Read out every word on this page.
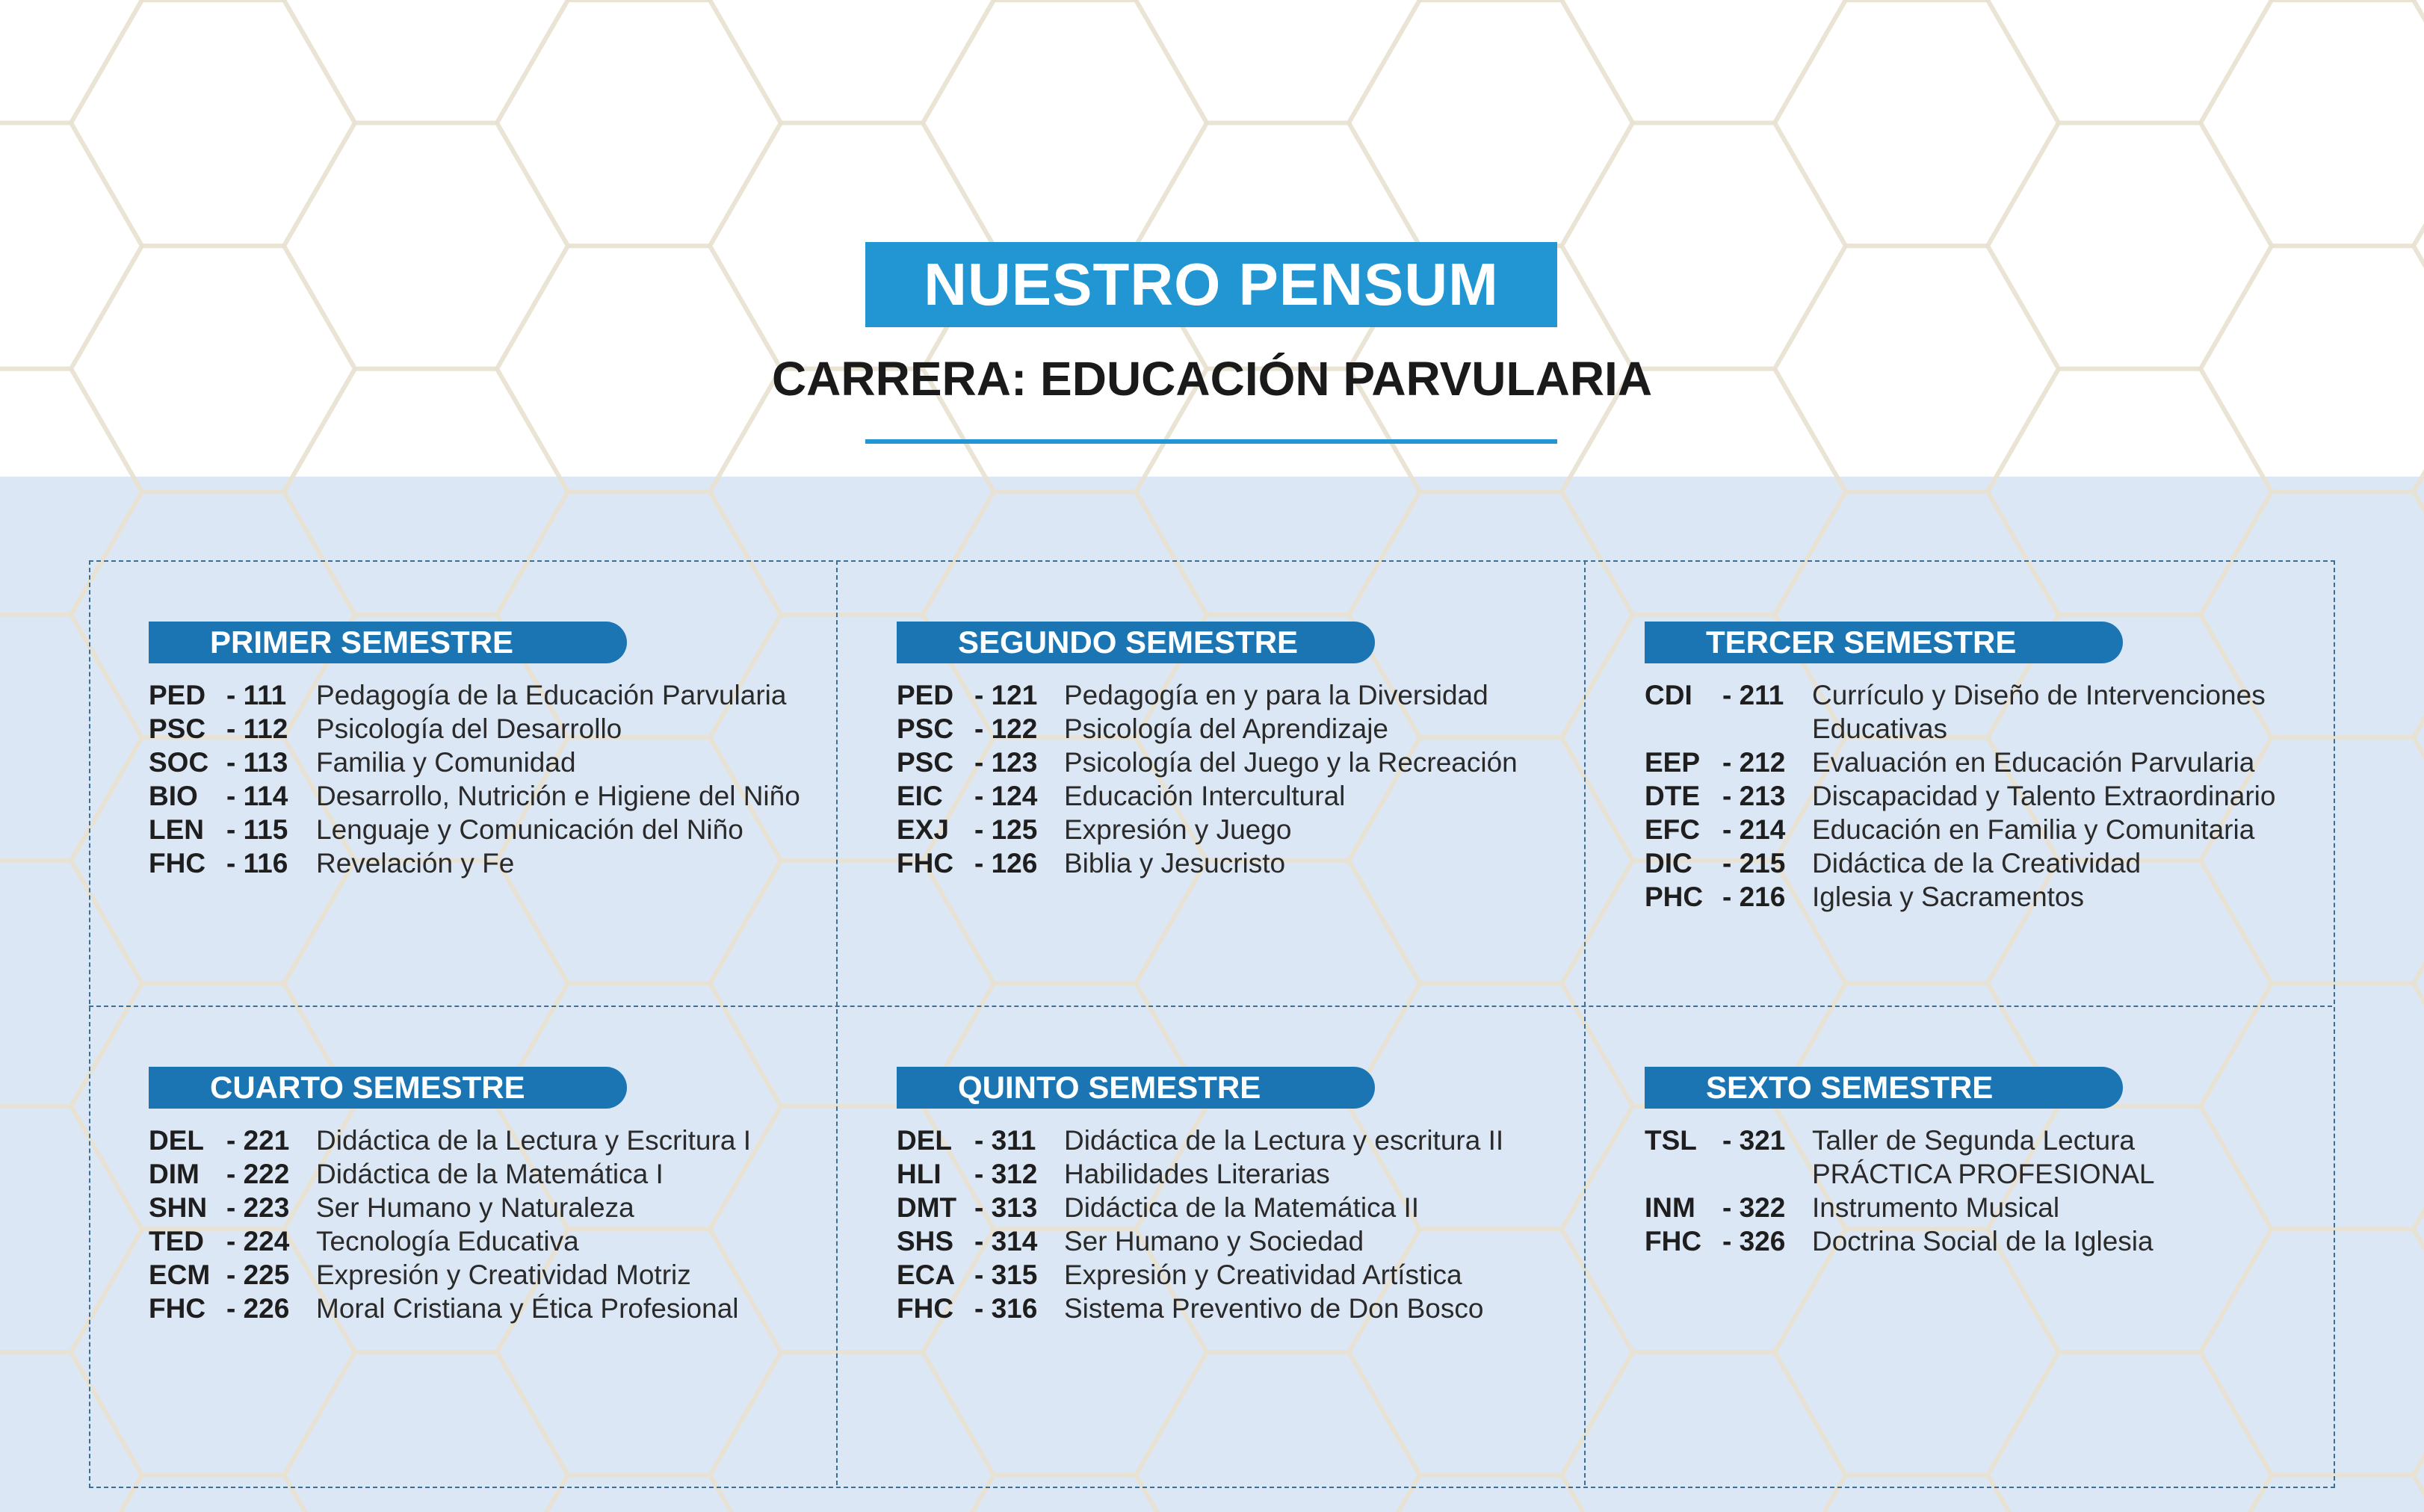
NUESTRO PENSUM
CARRERA: EDUCACIÓN PARVULARIA
PRIMER SEMESTRE
PED - 111	Pedagogía de la Educación Parvularia
PSC - 112	Psicología del Desarrollo
SOC - 113	Familia y Comunidad
BIO	- 114	Desarrollo, Nutrición e Higiene del Niño
LEN - 115	Lenguaje y Comunicación del Niño
FHC - 116	Revelación y Fe
SEGUNDO SEMESTRE
PED - 121 Pedagogía en y para la Diversidad
PSC - 122 Psicología del Aprendizaje
PSC - 123 Psicología del Juego y la Recreación
EIC	- 124 Educación Intercultural
EXJ - 125 Expresión y Juego
FHC - 126 Biblia y Jesucristo
TERCER SEMESTRE
CDI	- 211	Currículo y Diseño de Intervenciones
Educativas
EEP - 212 Evaluación en Educación Parvularia
DTE - 213 Discapacidad y Talento Extraordinario
EFC - 214 Educación en Familia y Comunitaria
DIC	- 215 Didáctica de la Creatividad
PHC - 216 Iglesia y Sacramentos
CUARTO SEMESTRE
DEL - 221 Didáctica de la Lectura y Escritura I
DIM - 222 Didáctica de la Matemática I
SHN - 223 Ser Humano y Naturaleza
TED - 224 Tecnología Educativa
ECM - 225 Expresión y Creatividad Motriz
FHC - 226 Moral Cristiana y Ética Profesional
QUINTO SEMESTRE
DEL - 311	Didáctica de la Lectura y escritura II
HLI	- 312 Habilidades Literarias
DMT - 313 Didáctica de la Matemática II
SHS - 314 Ser Humano y Sociedad
ECA - 315 Expresión y Creatividad Artística
FHC - 316 Sistema Preventivo de Don Bosco
SEXTO SEMESTRE
TSL - 321 Taller de Segunda Lectura
PRÁCTICA PROFESIONAL
INM - 322 Instrumento Musical
FHC - 326 Doctrina Social de la Iglesia
